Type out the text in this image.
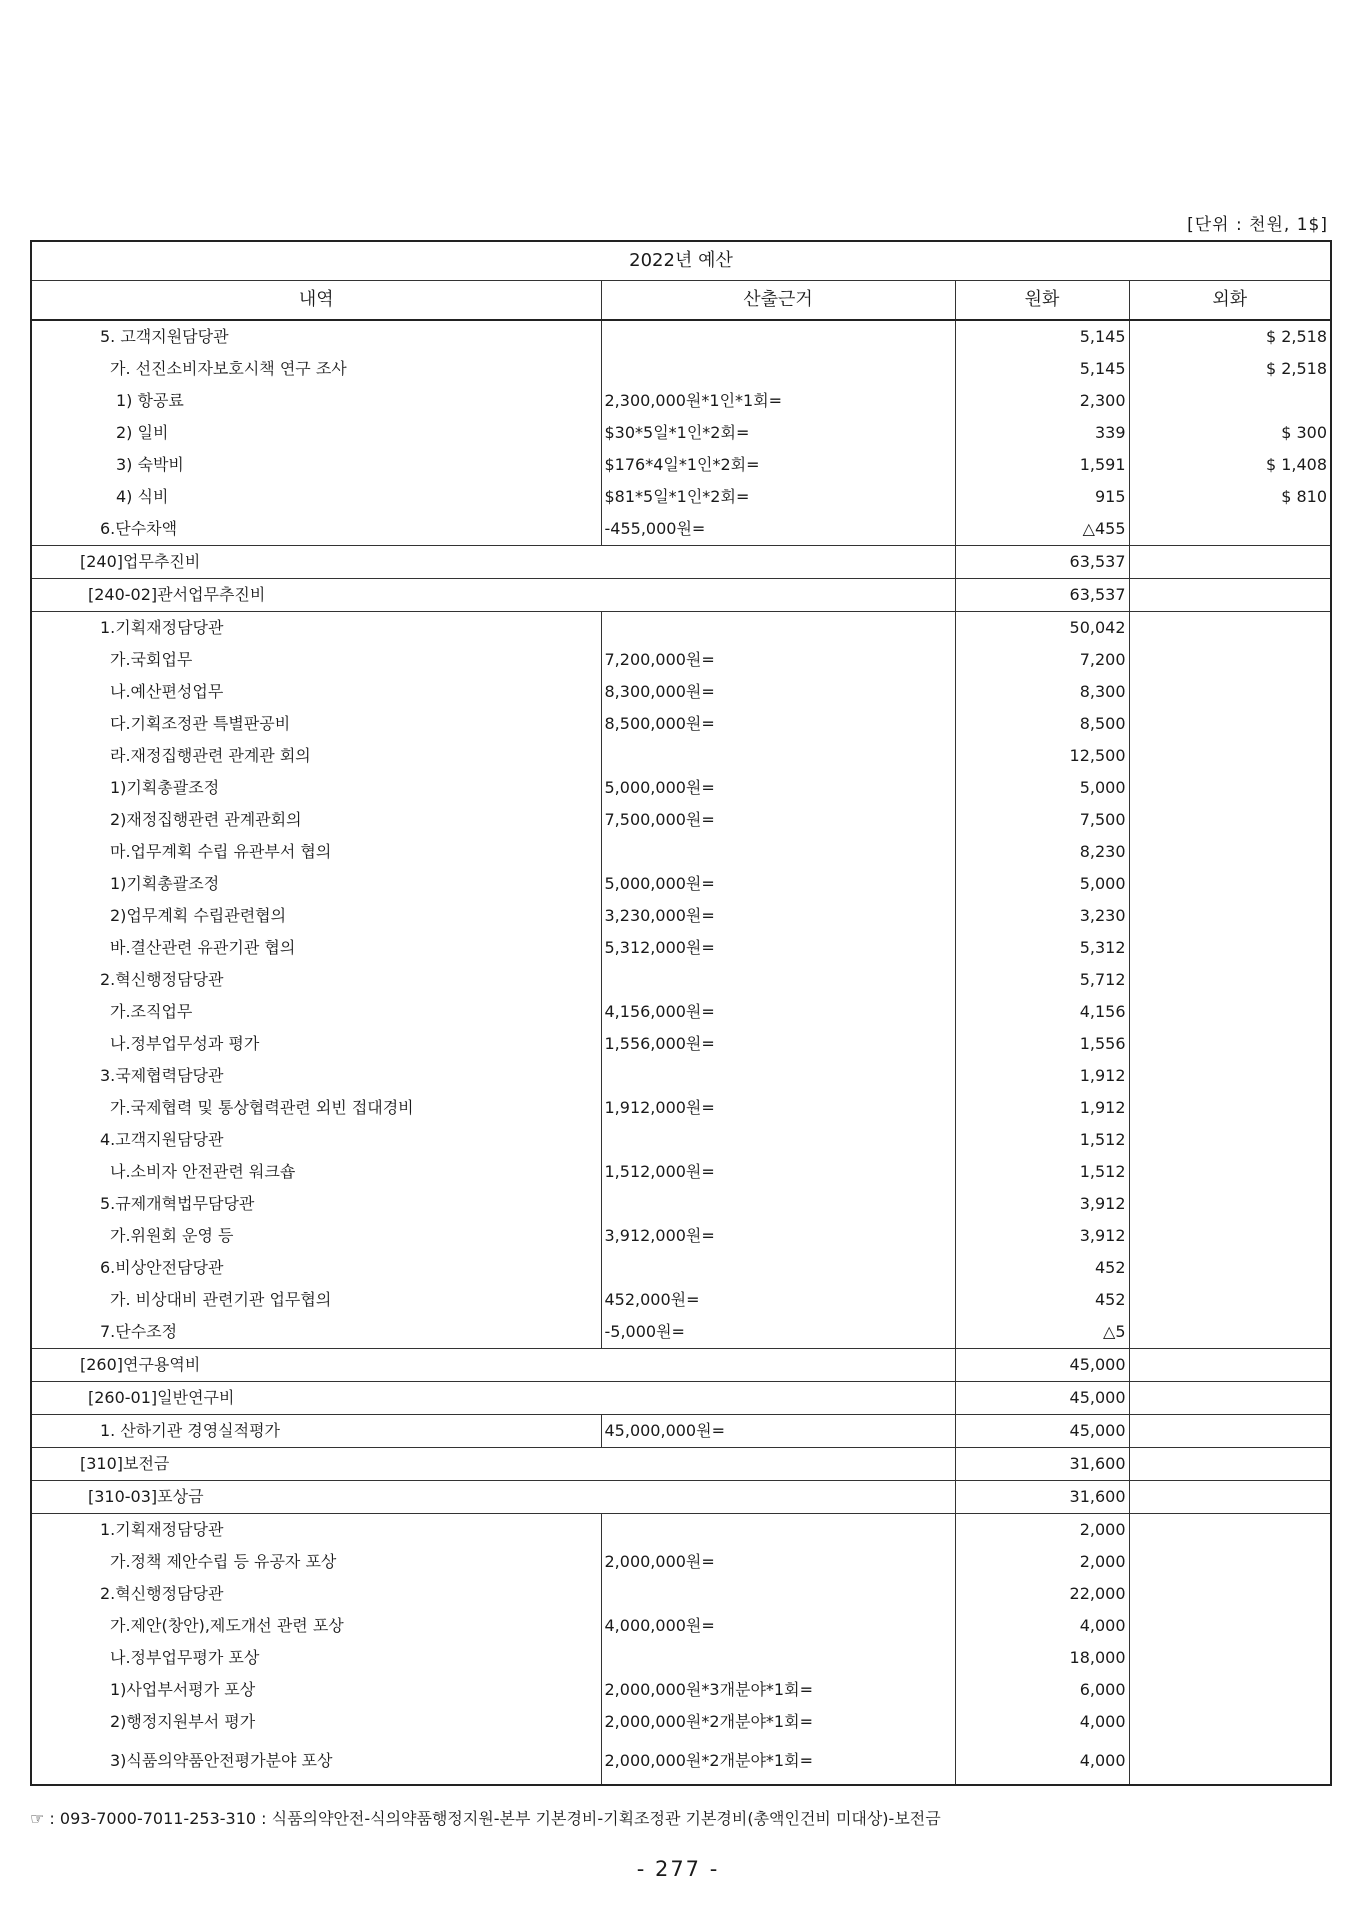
[단위 : 천원, 1$]
2022년 예산			
내역	산출근거	원화	외화
5. 고객지원담당관		5,145	$ 2,518
가. 선진소비자보호시책 연구 조사		5,145	$ 2,518
1) 항공료	2,300,000원*1인*1회=	2,300	
2) 일비	$30*5일*1인*2회=	339	$ 300
3) 숙박비	$176*4일*1인*2회=	1,591	$ 1,408
4) 식비	$81*5일*1인*2회=	915	$ 810
6.단수차액	-455,000원=	△455	
[240]업무추진비		63,537	
[240-02]관서업무추진비		63,537	
1.기획재정담당관		50,042	
가.국회업무	7,200,000원=	7,200	
나.예산편성업무	8,300,000원=	8,300	
다.기획조정관 특별판공비	8,500,000원=	8,500	
라.재정집행관련 관계관 회의		12,500	
1)기획총괄조정	5,000,000원=	5,000	
2)재정집행관련 관계관회의	7,500,000원=	7,500	
마.업무계획 수립 유관부서 협의		8,230	
1)기획총괄조정	5,000,000원=	5,000	
2)업무계획 수립관련협의	3,230,000원=	3,230	
바.결산관련 유관기관 협의	5,312,000원=	5,312	
2.혁신행정담당관		5,712	
가.조직업무	4,156,000원=	4,156	
나.정부업무성과 평가	1,556,000원=	1,556	
3.국제협력담당관		1,912	
가.국제협력 및 통상협력관련 외빈 접대경비	1,912,000원=	1,912	
4.고객지원담당관		1,512	
나.소비자 안전관련 워크숍	1,512,000원=	1,512	
5.규제개혁법무담당관		3,912	
가.위원회 운영 등	3,912,000원=	3,912	
6.비상안전담당관		452	
가. 비상대비 관련기관 업무협의	452,000원=	452	
7.단수조정	-5,000원=	△5	
[260]연구용역비		45,000	
[260-01]일반연구비		45,000	
1. 산하기관 경영실적평가	45,000,000원=	45,000	
[310]보전금		31,600	
[310-03]포상금		31,600	
1.기획재정담당관		2,000	
가.정책 제안수립 등 유공자 포상	2,000,000원=	2,000	
2.혁신행정담당관		22,000	
가.제안(창안),제도개선 관련 포상	4,000,000원=	4,000	
나.정부업무평가 포상		18,000	
1)사업부서평가 포상	2,000,000원*3개분야*1회=	6,000	
2)행정지원부서 평가	2,000,000원*2개분야*1회=	4,000	
3)식품의약품안전평가분야 포상	2,000,000원*2개분야*1회=	4,000	
☞ : 093-7000-7011-253-310 : 식품의약안전-식의약품행정지원-본부 기본경비-기획조정관 기본경비(총액인건비 미대상)-보전금
- 277 -
